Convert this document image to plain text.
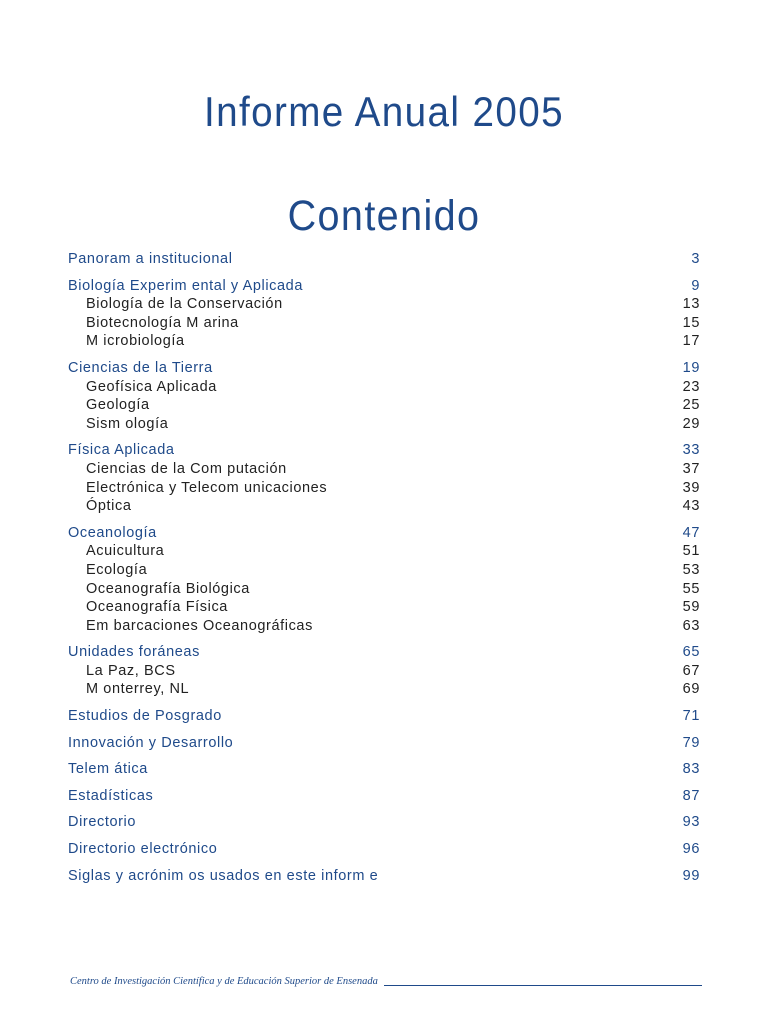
Informe Anual 2005
Contenido
Panoram a institucional	3
Biología Experim ental y Aplicada	9
Biología de la Conservación	13
Biotecnología M arina	15
M icrobiología	17
Ciencias de la Tierra	19
Geofísica Aplicada	23
Geología	25
Sism ología	29
Física Aplicada	33
Ciencias de la Com putación	37
Electrónica y Telecom unicaciones	39
Óptica	43
Oceanología	47
Acuicultura	51
Ecología	53
Oceanografía Biológica	55
Oceanografía Física	59
Em barcaciones Oceanográficas	63
Unidades foráneas	65
La Paz, BCS	67
M onterrey, NL	69
Estudios de Posgrado	71
Innovación y Desarrollo	79
Telem ática	83
Estadísticas	87
Directorio	93
Directorio electrónico	96
Siglas y acrónim os usados en este inform e	99
Centro de Investigación Científica y de Educación Superior de Ensenada
